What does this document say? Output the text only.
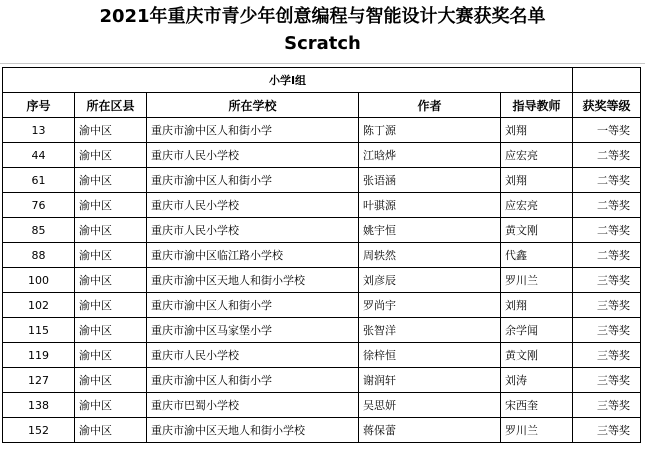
2021年重庆市青少年创意编程与智能设计大赛获奖名单
Scratch
小学I组					
序号	所在区县	所在学校	作者	指导教师	获奖等级
13	渝中区	重庆市渝中区人和街小学	陈丁源	刘翔	一等奖
44	渝中区	重庆市人民小学校	江晗烨	应宏亮	二等奖
61	渝中区	重庆市渝中区人和街小学	张语涵	刘翔	二等奖
76	渝中区	重庆市人民小学校	叶骐源	应宏亮	二等奖
85	渝中区	重庆市人民小学校	姚宇恒	黄文刚	二等奖
88	渝中区	重庆市渝中区临江路小学校	周轶然	代鑫	二等奖
100	渝中区	重庆市渝中区天地人和街小学校	刘彦辰	罗川兰	三等奖
102	渝中区	重庆市渝中区人和街小学	罗尚宇	刘翔	三等奖
115	渝中区	重庆市渝中区马家堡小学	张智洋	余学闻	三等奖
119	渝中区	重庆市人民小学校	徐梓恒	黄文刚	三等奖
127	渝中区	重庆市渝中区人和街小学	谢润轩	刘涛	三等奖
138	渝中区	重庆市巴蜀小学校	吴思妍	宋西奎	三等奖
152	渝中区	重庆市渝中区天地人和街小学校	蒋保蕾	罗川兰	三等奖
